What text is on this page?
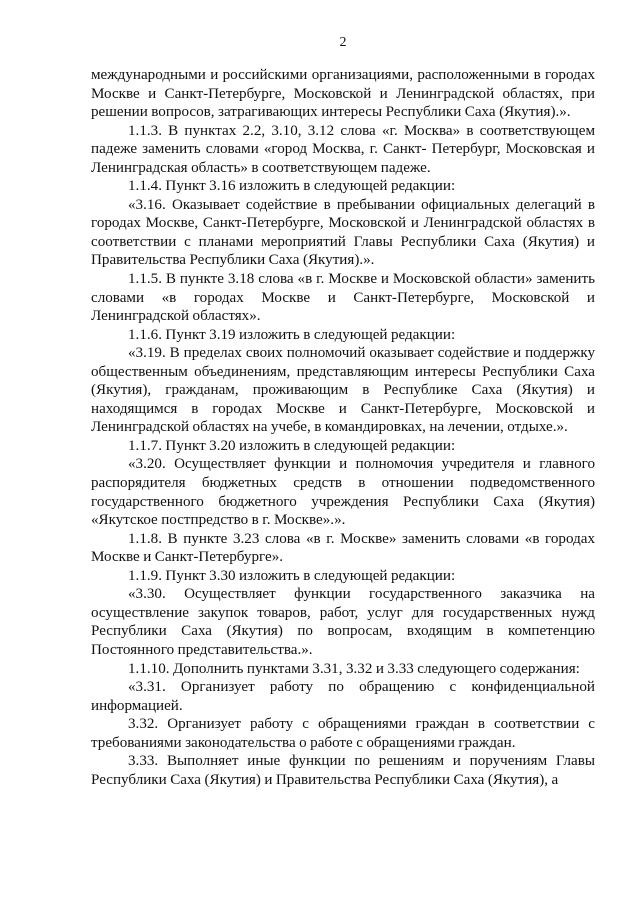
2

международными и российскими организациями, расположенными в городах Москве и Санкт-Петербурге, Московской и Ленинградской областях, при решении вопросов, затрагивающих интересы Республики Саха (Якутия).».

1.1.3. В пунктах 2.2, 3.10, 3.12 слова «г. Москва» в соответствующем падеже заменить словами «город Москва, г. Санкт- Петербург, Московская и Ленинградская область» в соответствующем падеже.

1.1.4. Пункт 3.16 изложить в следующей редакции:

«3.16. Оказывает содействие в пребывании официальных делегаций в городах Москве, Санкт-Петербурге, Московской и Ленинградской областях в соответствии с планами мероприятий Главы Республики Саха (Якутия) и Правительства Республики Саха (Якутия).».

1.1.5. В пункте 3.18 слова «в г. Москве и Московской области» заменить словами «в городах Москве и Санкт-Петербурге, Московской и Ленинградской областях».

1.1.6. Пункт 3.19 изложить в следующей редакции:

«3.19. В пределах своих полномочий оказывает содействие и поддержку общественным объединениям, представляющим интересы Республики Саха (Якутия), гражданам, проживающим в Республике Саха (Якутия) и находящимся в городах Москве и Санкт-Петербурге, Московской и Ленинградской областях на учебе, в командировках, на лечении, отдыхе.».

1.1.7. Пункт 3.20 изложить в следующей редакции:

«3.20. Осуществляет функции и полномочия учредителя и главного распорядителя бюджетных средств в отношении подведомственного государственного бюджетного учреждения Республики Саха (Якутия) «Якутское постпредство в г. Москве».».

1.1.8. В пункте 3.23 слова «в г. Москве» заменить словами «в городах Москве и Санкт-Петербурге».

1.1.9. Пункт 3.30 изложить в следующей редакции:

«3.30. Осуществляет функции государственного заказчика на осуществление закупок товаров, работ, услуг для государственных нужд Республики Саха (Якутия) по вопросам, входящим в компетенцию Постоянного представительства.».

1.1.10. Дополнить пунктами 3.31, 3.32 и 3.33 следующего содержания:

«3.31. Организует работу по обращению с конфиденциальной информацией.

3.32. Организует работу с обращениями граждан в соответствии с требованиями законодательства о работе с обращениями граждан.

3.33. Выполняет иные функции по решениям и поручениям Главы Республики Саха (Якутия) и Правительства Республики Саха (Якутия), а
